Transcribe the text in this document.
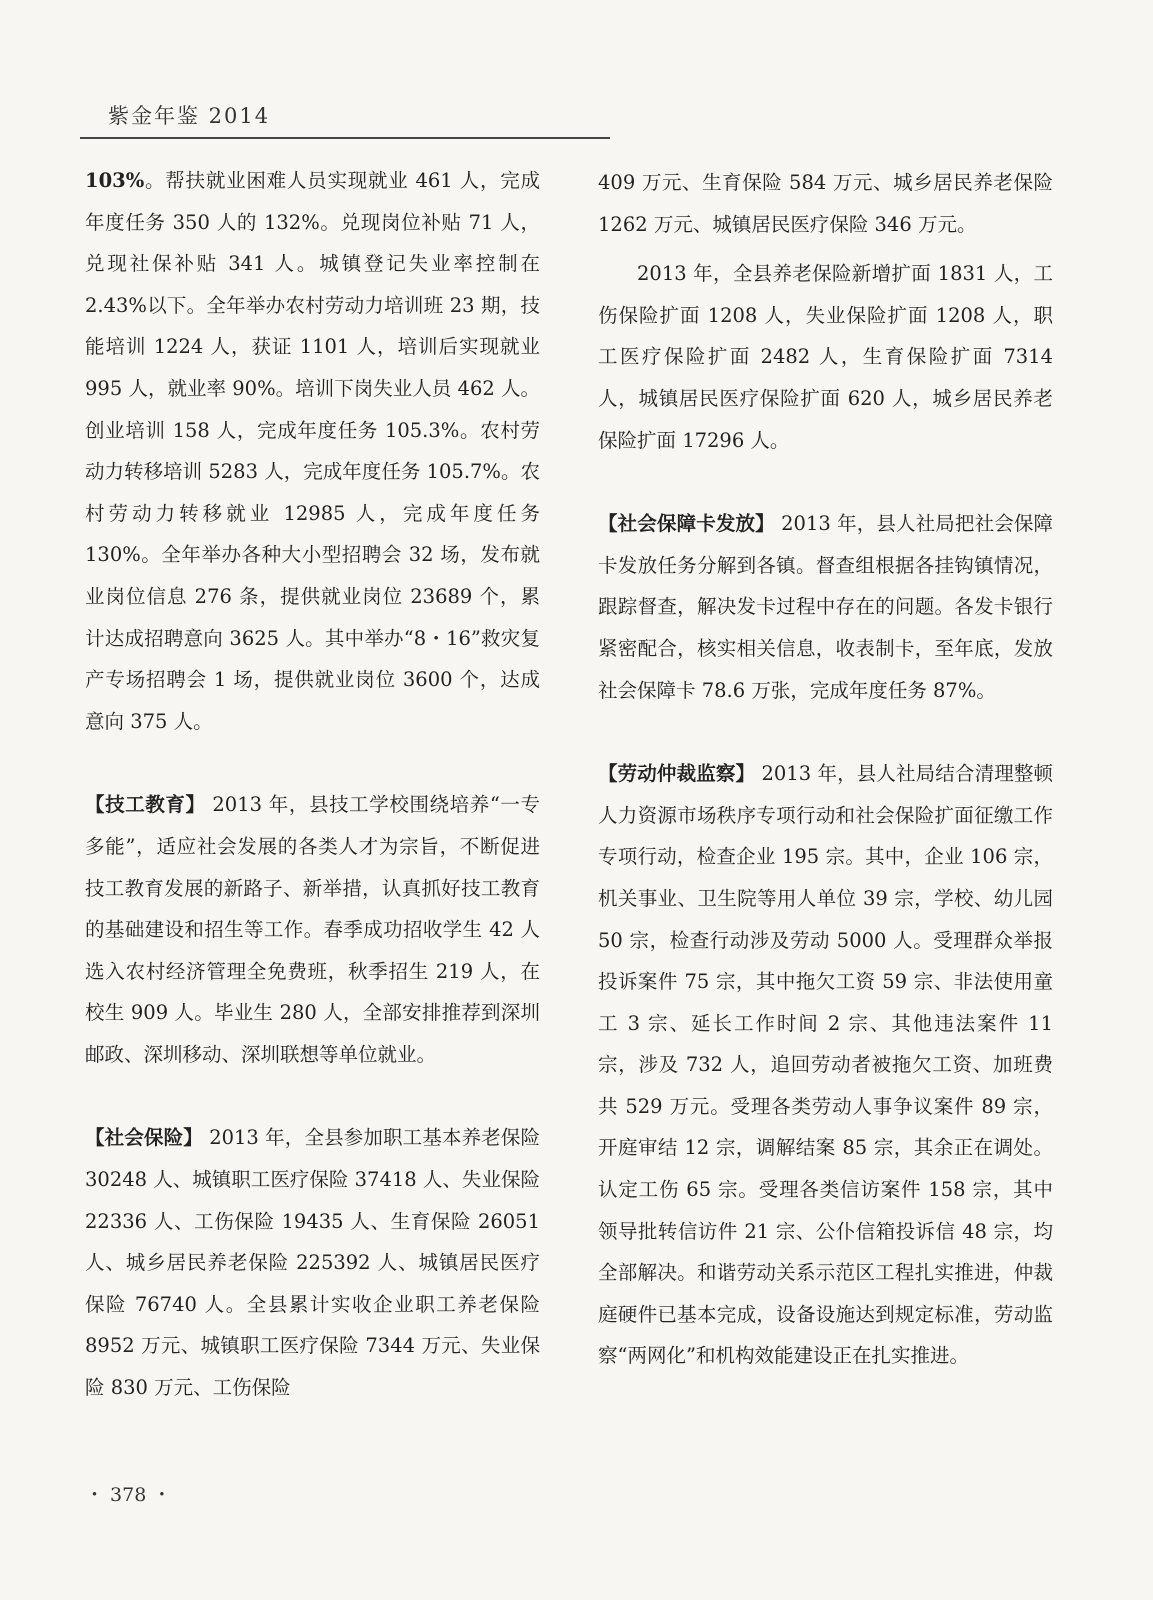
紫金年鉴 2014

103%。帮扶就业困难人员实现就业 461 人，完成年度任务 350 人的 132%。兑现岗位补贴 71 人，兑现社保补贴 341 人。城镇登记失业率控制在 2.43%以下。全年举办农村劳动力培训班 23 期，技能培训 1224 人，获证 1101 人，培训后实现就业 995 人，就业率 90%。培训下岗失业人员 462 人。创业培训 158 人，完成年度任务 105.3%。农村劳动力转移培训 5283 人，完成年度任务 105.7%。农村劳动力转移就业 12985 人，完成年度任务 130%。全年举办各种大小型招聘会 32 场，发布就业岗位信息 276 条，提供就业岗位 23689 个，累计达成招聘意向 3625 人。其中举办“8・16”救灾复产专场招聘会 1 场，提供就业岗位 3600 个，达成意向 375 人。

【技工教育】 2013 年，县技工学校围绕培养“一专多能”，适应社会发展的各类人才为宗旨，不断促进技工教育发展的新路子、新举措，认真抓好技工教育的基础建设和招生等工作。春季成功招收学生 42 人选入农村经济管理全免费班，秋季招生 219 人，在校生 909 人。毕业生 280 人，全部安排推荐到深圳邮政、深圳移动、深圳联想等单位就业。

【社会保险】 2013 年，全县参加职工基本养老保险 30248 人、城镇职工医疗保险 37418 人、失业保险 22336 人、工伤保险 19435 人、生育保险 26051 人、城乡居民养老保险 225392 人、城镇居民医疗保险 76740 人。全县累计实收企业职工养老保险 8952 万元、城镇职工医疗保险 7344 万元、失业保险 830 万元、工伤保险

409 万元、生育保险 584 万元、城乡居民养老保险 1262 万元、城镇居民医疗保险 346 万元。

2013 年，全县养老保险新增扩面 1831 人，工伤保险扩面 1208 人，失业保险扩面 1208 人，职工医疗保险扩面 2482 人，生育保险扩面 7314 人，城镇居民医疗保险扩面 620 人，城乡居民养老保险扩面 17296 人。

【社会保障卡发放】 2013 年，县人社局把社会保障卡发放任务分解到各镇。督查组根据各挂钩镇情况，跟踪督查，解决发卡过程中存在的问题。各发卡银行紧密配合，核实相关信息，收表制卡，至年底，发放社会保障卡 78.6 万张，完成年度任务 87%。

【劳动仲裁监察】 2013 年，县人社局结合清理整顿人力资源市场秩序专项行动和社会保险扩面征缴工作专项行动，检查企业 195 宗。其中，企业 106 宗，机关事业、卫生院等用人单位 39 宗，学校、幼儿园 50 宗，检查行动涉及劳动 5000 人。受理群众举报投诉案件 75 宗，其中拖欠工资 59 宗、非法使用童工 3 宗、延长工作时间 2 宗、其他违法案件 11 宗，涉及 732 人，追回劳动者被拖欠工资、加班费共 529 万元。受理各类劳动人事争议案件 89 宗，开庭审结 12 宗，调解结案 85 宗，其余正在调处。认定工伤 65 宗。受理各类信访案件 158 宗，其中领导批转信访件 21 宗、公仆信箱投诉信 48 宗，均全部解决。和谐劳动关系示范区工程扎实推进，仲裁庭硬件已基本完成，设备设施达到规定标准，劳动监察“两网化”和机构效能建设正在扎实推进。

・ 378 ・
